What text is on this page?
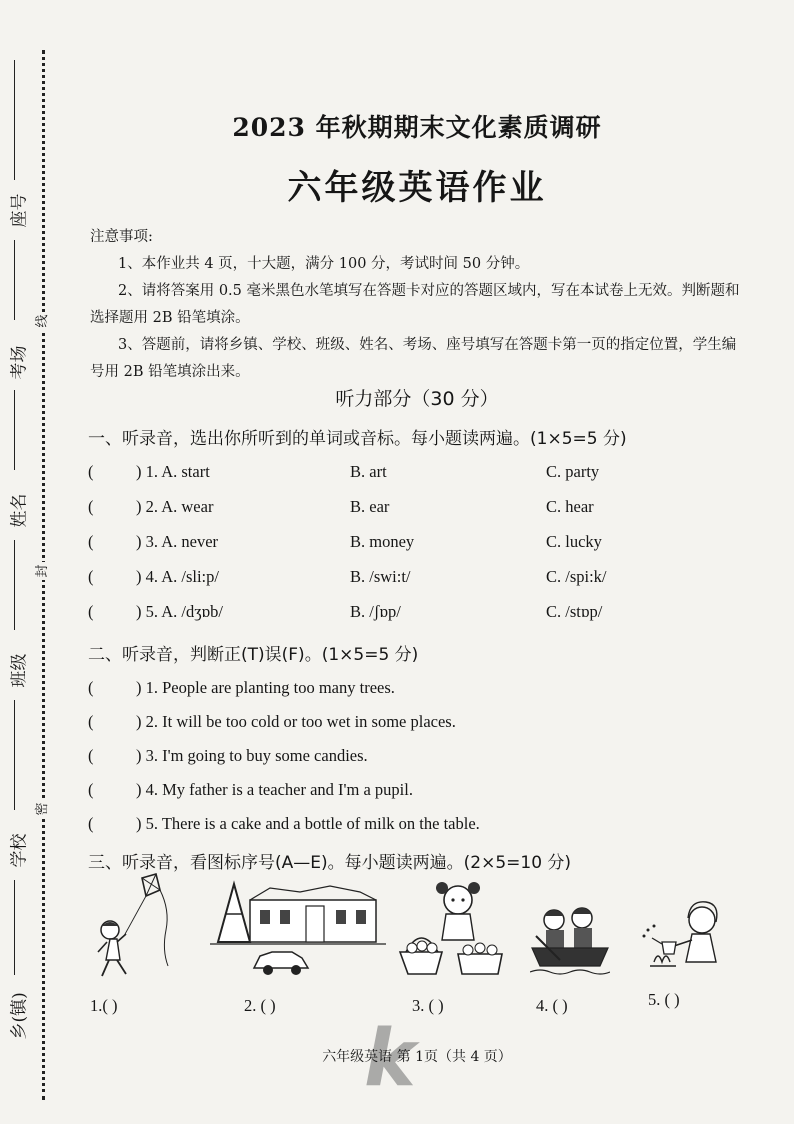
座号
考场
姓名
班级
学校
乡(镇)
线
封
密
2023 年秋期期末文化素质调研
六年级英语作业
注意事项:
1、本作业共 4 页，十大题，满分 100 分，考试时间 50 分钟。
2、请将答案用 0.5 毫米黑色水笔填写在答题卡对应的答题区域内，写在本试卷上无效。判断题和选择题用 2B 铅笔填涂。
3、答题前，请将乡镇、学校、班级、姓名、考场、座号填写在答题卡第一页的指定位置，学生编号用 2B 铅笔填涂出来。
听力部分（30 分）
一、听录音，选出你所听到的单词或音标。每小题读两遍。(1×5=5 分)
(	) 1. A. start	B. art	C. party
(	) 2. A. wear	B. ear	C. hear
(	) 3. A. never	B. money	C. lucky
(	) 4. A. /sli:p/	B. /swi:t/	C. /spi:k/
(	) 5. A. /dʒɒb/	B. /ʃɒp/	C. /stɒp/
二、听录音，判断正(T)误(F)。(1×5=5 分)
(	) 1. People are planting too many trees.
(	) 2. It will be too cold or too wet in some places.
(	) 3. I'm going to buy some candies.
(	) 4. My father is a teacher and I'm a pupil.
(	) 5. There is a cake and a bottle of milk on the table.
三、听录音，看图标序号(A—E)。每小题读两遍。(2×5=10 分)
1.( )	2. ( )	3. ( )	4. ( )	5. ( )
k
六年级英语 第 1页（共 4 页）
